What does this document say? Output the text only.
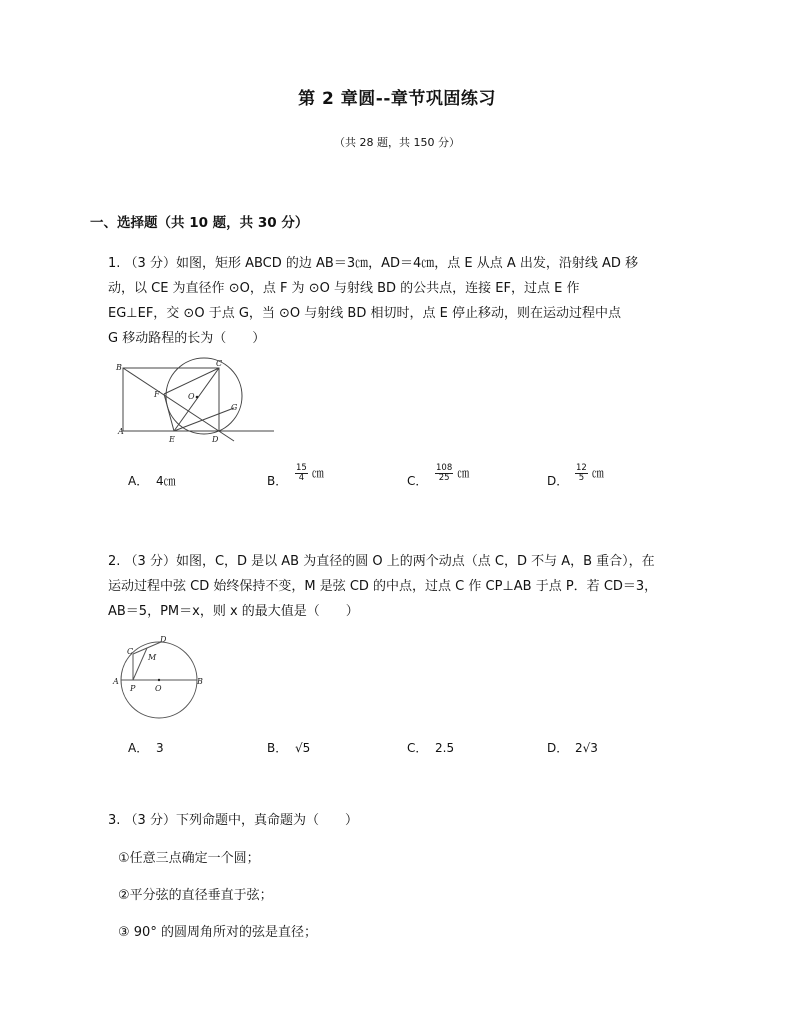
第 2 章圆--章节巩固练习
（共 28 题，共 150 分）
一、选择题（共 10 题，共 30 分）
1. （3 分）如图，矩形 ABCD 的边 AB＝3㎝，AD＝4㎝，点 E 从点 A 出发，沿射线 AD 移
动，以 CE 为直径作 ⊙O，点 F 为 ⊙O 与射线 BD 的公共点，连接 EF，过点 E 作
EG⊥EF，交 ⊙O 于点 G，当 ⊙O 与射线 BD 相切时，点 E 停止移动，则在运动过程中点
G 移动路程的长为（　　）
B	C
A
E	D
F	O
G
A． 4㎝	B． $\frac{15}{4}$ ㎝
C． $\frac{108}{25}$ ㎝
D． $\frac{12}{5}$ ㎝
2. （3 分）如图，C，D 是以 AB 为直径的圆 O 上的两个动点（点 C，D 不与 A，B 重合），在
运动过程中弦 CD 始终保持不变，M 是弦 CD 的中点，过点 C 作 CP⊥AB 于点 P．若 CD＝3，
AB＝5，PM＝x，则 x 的最大值是（　　）
A	B
C
D
M
P O
A． 3	B． √5	C． 2.5	D． 2√3
3. （3 分）下列命题中，真命题为（　　）
①任意三点确定一个圆；
②平分弦的直径垂直于弦；
③ 90° 的圆周角所对的弦是直径；
